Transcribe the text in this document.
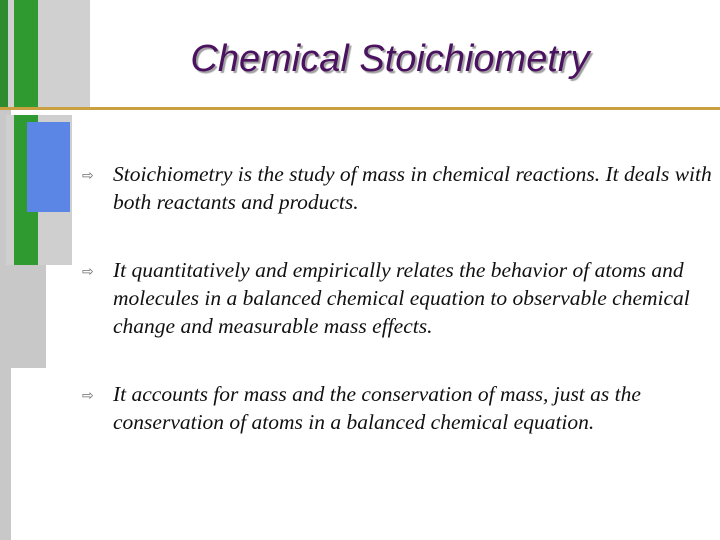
Chemical Stoichiometry
⇨ Stoichiometry is the study of mass in chemical reactions. It deals with both reactants and products.
⇨ It quantitatively and empirically relates the behavior of atoms and molecules in a balanced chemical equation to observable chemical change and measurable mass effects.
⇨ It accounts for mass and the conservation of mass, just as the conservation of atoms in a balanced chemical equation.
